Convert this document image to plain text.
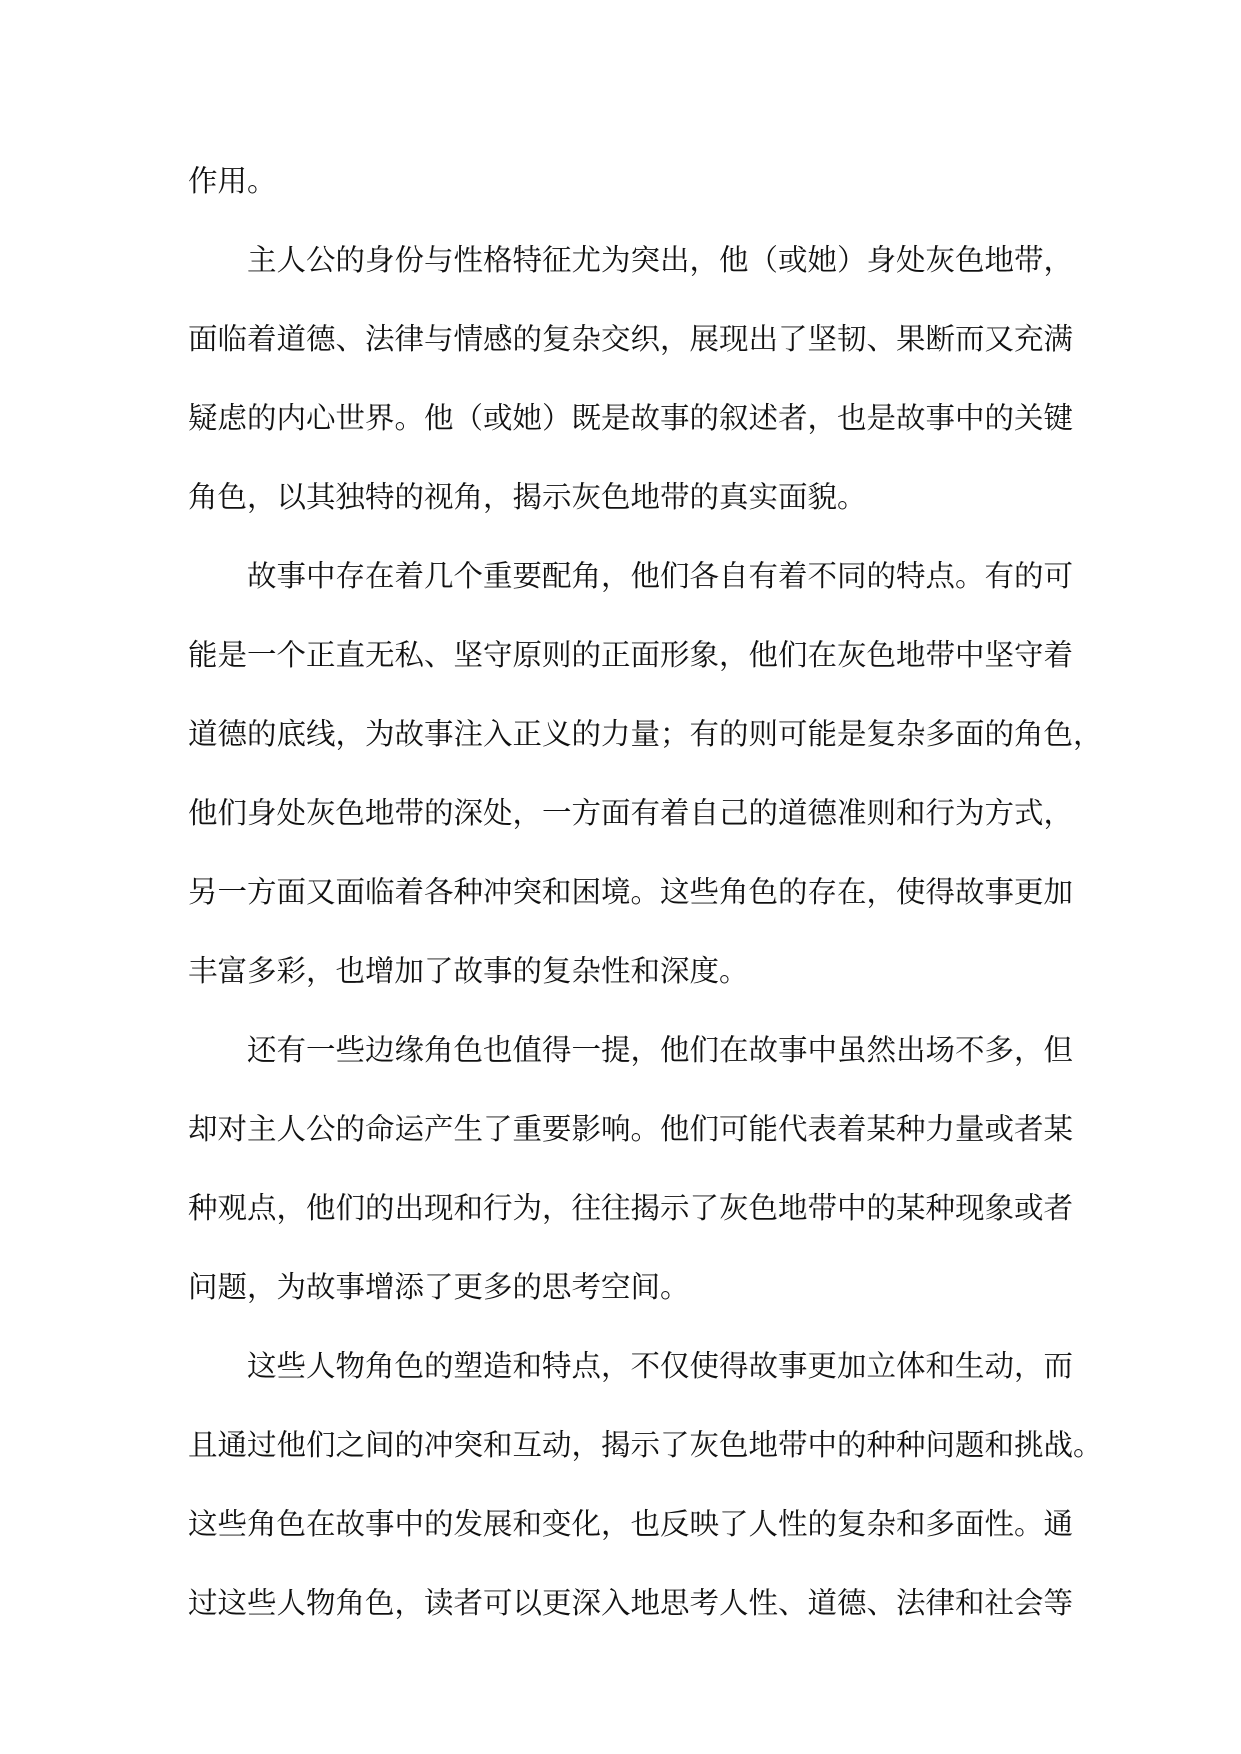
作用。
主人公的身份与性格特征尤为突出，他（或她）身处灰色地带，
面临着道德、法律与情感的复杂交织，展现出了坚韧、果断而又充满
疑虑的内心世界。他（或她）既是故事的叙述者，也是故事中的关键
角色，以其独特的视角，揭示灰色地带的真实面貌。
故事中存在着几个重要配角，他们各自有着不同的特点。有的可
能是一个正直无私、坚守原则的正面形象，他们在灰色地带中坚守着
道德的底线，为故事注入正义的力量；有的则可能是复杂多面的角色，
他们身处灰色地带的深处，一方面有着自己的道德准则和行为方式，
另一方面又面临着各种冲突和困境。这些角色的存在，使得故事更加
丰富多彩，也增加了故事的复杂性和深度。
还有一些边缘角色也值得一提，他们在故事中虽然出场不多，但
却对主人公的命运产生了重要影响。他们可能代表着某种力量或者某
种观点，他们的出现和行为，往往揭示了灰色地带中的某种现象或者
问题，为故事增添了更多的思考空间。
这些人物角色的塑造和特点，不仅使得故事更加立体和生动，而
且通过他们之间的冲突和互动，揭示了灰色地带中的种种问题和挑战。
这些角色在故事中的发展和变化，也反映了人性的复杂和多面性。通
过这些人物角色，读者可以更深入地思考人性、道德、法律和社会等
